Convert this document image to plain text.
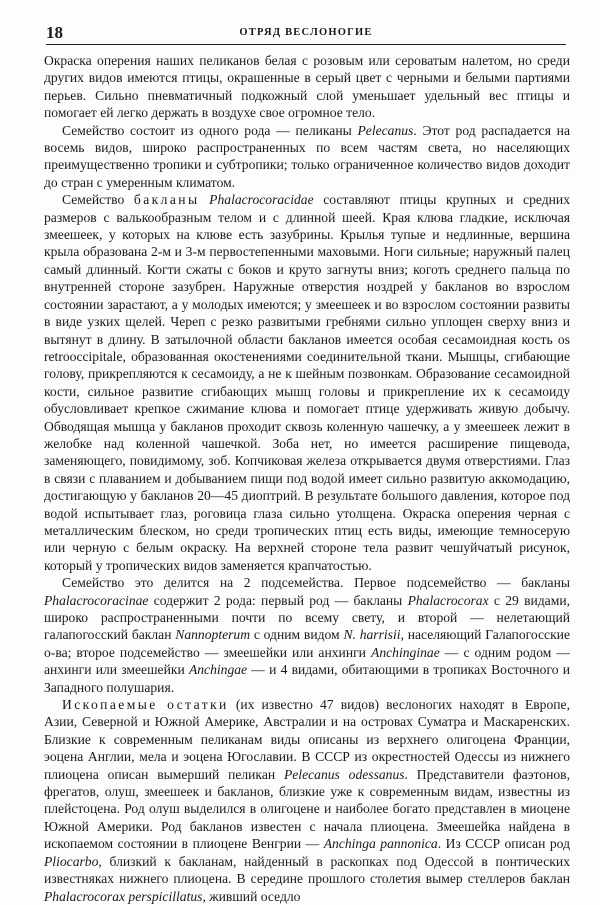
18	ОТРЯД ВЕСЛОНОГИЕ

Окраска оперения наших пеликанов белая с розовым или сероватым налетом, но среди других видов имеются птицы, окрашенные в серый цвет с черными и белыми партиями перьев. Сильно пневматичный подкожный слой уменьшает удельный вес птицы и помогает ей легко держать в воздухе свое огромное тело.

Семейство состоит из одного рода — пеликаны Pelecanus. Этот род распадается на восемь видов, широко распространенных по всем частям света, но населяющих преимущественно тропики и субтропики; только ограниченное количество видов доходит до стран с умеренным климатом.

Семейство бакланы Phalacrocoracidae составляют птицы крупных и средних размеров с валькообразным телом и с длинной шеей. Края клюва гладкие, исключая змеешеек, у которых на клюве есть зазубрины. Крылья тупые и недлинные, вершина крыла образована 2-м и 3-м первостепенными маховыми. Ноги сильные; наружный палец самый длинный. Когти сжаты с боков и круто загнуты вниз; коготь среднего пальца по внутренней стороне зазубрен. Наружные отверстия ноздрей у бакланов во взрослом состоянии зарастают, а у молодых имеются; у змеешеек и во взрослом состоянии развиты в виде узких щелей. Череп с резко развитыми гребнями сильно уплощен сверху вниз и вытянут в длину. В затылочной области бакланов имеется особая сесамоидная кость os retrooccipitale, образованная окостенениями соединительной ткани. Мышцы, сгибающие голову, прикрепляются к сесамоиду, а не к шейным позвонкам. Образование сесамоидной кости, сильное развитие сгибающих мышц головы и прикрепление их к сесамоиду обусловливает крепкое сжимание клюва и помогает птице удерживать живую добычу. Обводящая мышца у бакланов проходит сквозь коленную чашечку, а у змеешеек лежит в желобке над коленной чашечкой. Зоба нет, но имеется расширение пищевода, заменяющего, повидимому, зоб. Копчиковая железа открывается двумя отверстиями. Глаз в связи с плаванием и добыванием пищи под водой имеет сильно развитую аккомодацию, достигающую у бакланов 20—45 диоптрий. В результате большого давления, которое под водой испытывает глаз, роговица глаза сильно утолщена. Окраска оперения черная с металлическим блеском, но среди тропических птиц есть виды, имеющие темносерую или черную с белым окраску. На верхней стороне тела развит чешуйчатый рисунок, который у тропических видов заменяется крапчатостью.

Семейство это делится на 2 подсемейства. Первое подсемейство — бакланы Phalacrocoracinae содержит 2 рода: первый род — бакланы Phalacrocorax с 29 видами, широко распространенными почти по всему свету, и второй — нелетающий галапогосский баклан Nannopterum с одним видом N. harrisii, населяющий Галапогосские о-ва; второе подсемейство — змеешейки или анхинги Anchinginae — с одним родом — анхинги или змеешейки Anchingae — и 4 видами, обитающими в тропиках Восточного и Западного полушария.

Ископаемые остатки (их известно 47 видов) веслоногих находят в Европе, Азии, Северной и Южной Америке, Австралии и на островах Суматра и Маскаренских. Близкие к современным пеликанам виды описаны из верхнего олигоцена Франции, эоцена Англии, мела и эоцена Югославии. В СССР из окрестностей Одессы из нижнего плиоцена описан вымерший пеликан Pelecanus odessanus. Представители фаэтонов, фрегатов, олуш, змеешеек и бакланов, близкие уже к современным видам, известны из плейстоцена. Род олуш выделился в олигоцене и наиболее богато представлен в миоцене Южной Америки. Род бакланов известен с начала плиоцена. Змеешейка найдена в ископаемом состоянии в плиоцене Венгрии — Anchinga pannonica. Из СССР описан род Pliocarbo, близкий к бакланам, найденный в раскопках под Одессой в понтических известняках нижнего плиоцена. В середине прошлого столетия вымер стеллеров баклан Phalacrocorax perspicillatus, живший оседло
